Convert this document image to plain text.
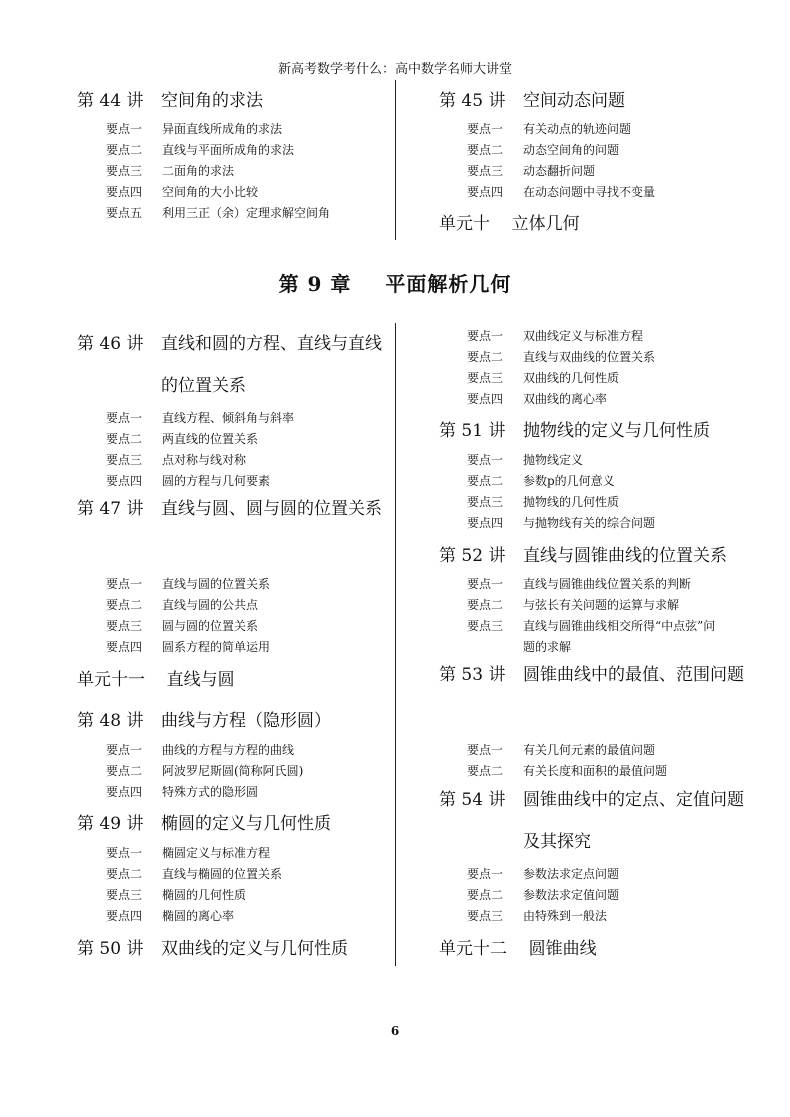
新高考数学考什么：高中数学名师大讲堂
第 44 讲 空间角的求法
要点一 异面直线所成角的求法
要点二 直线与平面所成角的求法
要点三 二面角的求法
要点四 空间角的大小比较
要点五 利用三正（余）定理求解空间角
第 45 讲 空间动态问题
要点一 有关动点的轨迹问题
要点二 动态空间角的问题
要点三 动态翻折问题
要点四 在动态问题中寻找不变量
单元十    立体几何
第 9 章 平面解析几何
第 46 讲 直线和圆的方程、直线与直线的位置关系
要点一 直线方程、倾斜角与斜率
要点二 两直线的位置关系
要点三 点对称与线对称
要点四 圆的方程与几何要素
第 47 讲 直线与圆、圆与圆的位置关系
要点一 直线与圆的位置关系
要点二 直线与圆的公共点
要点三 圆与圆的位置关系
要点四 圆系方程的简单运用
单元十一    直线与圆
第 48 讲 曲线与方程（隐形圆）
要点一 曲线的方程与方程的曲线
要点二 阿波罗尼斯圆(简称阿氏圆)
要点四 特殊方式的隐形圆
第 49 讲 椭圆的定义与几何性质
要点一 椭圆定义与标准方程
要点二 直线与椭圆的位置关系
要点三 椭圆的几何性质
要点四 椭圆的离心率
第 50 讲 双曲线的定义与几何性质
要点一 双曲线定义与标准方程
要点二 直线与双曲线的位置关系
要点三 双曲线的几何性质
要点四 双曲线的离心率
第 51 讲 抛物线的定义与几何性质
要点一 抛物线定义
要点二 参数p的几何意义
要点三 抛物线的几何性质
要点四 与抛物线有关的综合问题
第 52 讲 直线与圆锥曲线的位置关系
要点一 直线与圆锥曲线位置关系的判断
要点二 与弦长有关问题的运算与求解
要点三 直线与圆锥曲线相交所得“中点弦”问
题的求解
第 53 讲 圆锥曲线中的最值、范围问题
要点一 有关几何元素的最值问题
要点二 有关长度和面积的最值问题
第 54 讲 圆锥曲线中的定点、定值问题及其探究
要点一 参数法求定点问题
要点二 参数法求定值问题
要点三 由特殊到一般法
单元十二    圆锥曲线
6
